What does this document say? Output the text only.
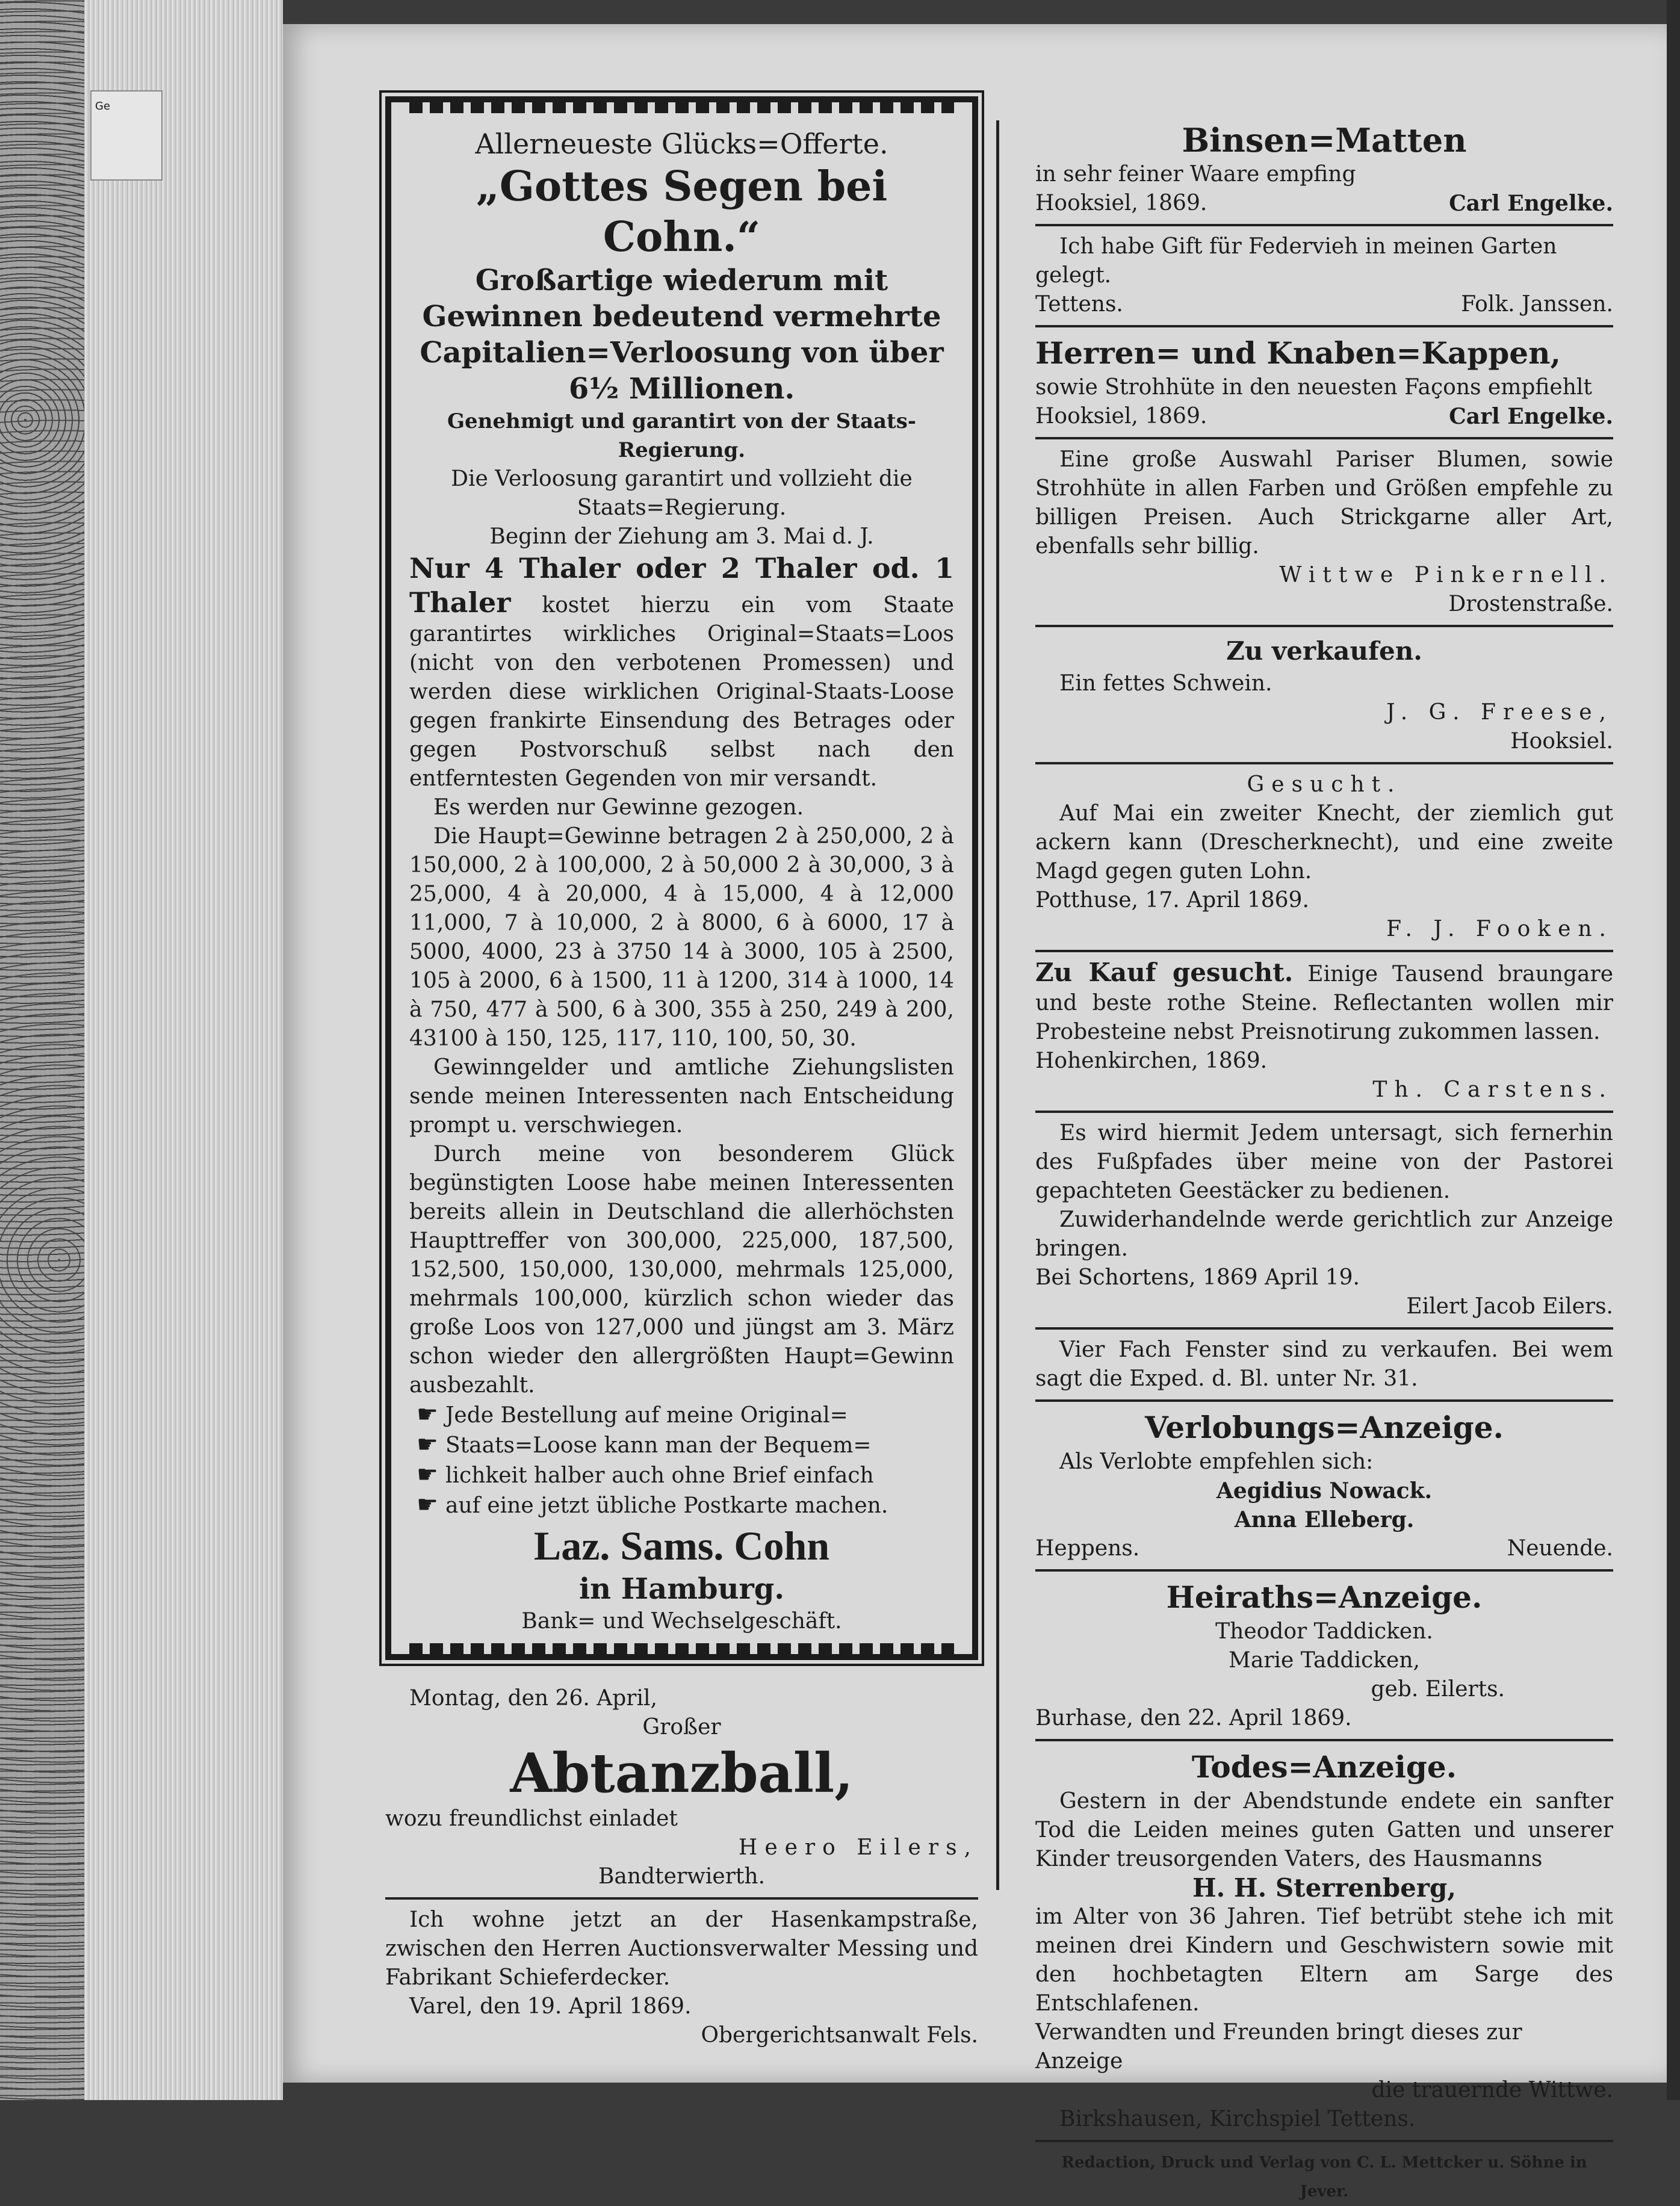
Ge

Allerneueste Glücks=Offerte.

„Gottes Segen bei Cohn.“

Großartige wiederum mit Gewinnen bedeutend vermehrte Capitalien=Verloosung von über

6½ Millionen.

Genehmigt und garantirt von der Staats-Regierung.

Die Verloosung garantirt und vollzieht die Staats=Regierung.

Beginn der Ziehung am 3. Mai d. J.

Nur 4 Thaler oder 2 Thaler od. 1 Thaler kostet hierzu ein vom Staate garantirtes wirkliches Original=Staats=Loos (nicht von den verbotenen Promessen) und werden diese wirklichen Original-Staats-Loose gegen frankirte Einsendung des Betrages oder gegen Postvorschuß selbst nach den entferntesten Gegenden von mir versandt.

Es werden nur Gewinne gezogen.

Die Haupt=Gewinne betragen 2 à 250,000, 2 à 150,000, 2 à 100,000, 2 à 50,000 2 à 30,000, 3 à 25,000, 4 à 20,000, 4 à 15,000, 4 à 12,000 11,000, 7 à 10,000, 2 à 8000, 6 à 6000, 17 à 5000, 4000, 23 à 3750 14 à 3000, 105 à 2500, 105 à 2000, 6 à 1500, 11 à 1200, 314 à 1000, 14 à 750, 477 à 500, 6 à 300, 355 à 250, 249 à 200, 43100 à 150, 125, 117, 110, 100, 50, 30.

Gewinngelder und amtliche Ziehungslisten sende meinen Interessenten nach Entscheidung prompt u. verschwiegen.

Durch meine von besonderem Glück begünstigten Loose habe meinen Interessenten bereits allein in Deutschland die allerhöchsten Haupttreffer von 300,000, 225,000, 187,500, 152,500, 150,000, 130,000, mehrmals 125,000, mehrmals 100,000, kürzlich schon wieder das große Loos von 127,000 und jüngst am 3. März schon wieder den allergrößten Haupt=Gewinn ausbezahlt.

☛ Jede Bestellung auf meine Original=
☛ Staats=Loose kann man der Bequem=
☛ lichkeit halber auch ohne Brief einfach
☛ auf eine jetzt übliche Postkarte machen.

Laz. Sams. Cohn

in Hamburg.

Bank= und Wechselgeschäft.

Montag, den 26. April,

Großer

Abtanzball,

wozu freundlichst einladet

Heero Eilers,

Bandterwierth.

Ich wohne jetzt an der Hasenkampstraße, zwischen den Herren Auctionsverwalter Messing und Fabrikant Schieferdecker.

Varel, den 19. April 1869.

Obergerichtsanwalt Fels.

Binsen=Matten

in sehr feiner Waare empfing

Hooksiel, 1869.	Carl Engelke.

Ich habe Gift für Federvieh in meinen Garten gelegt.

Tettens.	Folk. Janssen.

Herren= und Knaben=Kappen,

sowie Strohhüte in den neuesten Façons empfiehlt

Hooksiel, 1869.	Carl Engelke.

Eine große Auswahl Pariser Blumen, sowie Strohhüte in allen Farben und Größen empfehle zu billigen Preisen. Auch Strickgarne aller Art, ebenfalls sehr billig.

Wittwe Pinkernell.

Drostenstraße.

Zu verkaufen.

Ein fettes Schwein.

J. G. Freese,

Hooksiel.

Gesucht.

Auf Mai ein zweiter Knecht, der ziemlich gut ackern kann (Drescherknecht), und eine zweite Magd gegen guten Lohn.

Potthuse, 17. April 1869.

F. J. Fooken.

Zu Kauf gesucht. Einige Tausend braungare und beste rothe Steine. Reflectanten wollen mir Probesteine nebst Preisnotirung zukommen lassen.

Hohenkirchen, 1869.

Th. Carstens.

Es wird hiermit Jedem untersagt, sich fernerhin des Fußpfades über meine von der Pastorei gepachteten Geestäcker zu bedienen.

Zuwiderhandelnde werde gerichtlich zur Anzeige bringen.

Bei Schortens, 1869 April 19.

Eilert Jacob Eilers.

Vier Fach Fenster sind zu verkaufen. Bei wem sagt die Exped. d. Bl. unter Nr. 31.

Verlobungs=Anzeige.

Als Verlobte empfehlen sich:

Aegidius Nowack.

Anna Elleberg.

Heppens.	Neuende.

Heiraths=Anzeige.

Theodor Taddicken.

Marie Taddicken,

geb. Eilerts.

Burhase, den 22. April 1869.

Todes=Anzeige.

Gestern in der Abendstunde endete ein sanfter Tod die Leiden meines guten Gatten und unserer Kinder treusorgenden Vaters, des Hausmanns

H. H. Sterrenberg,

im Alter von 36 Jahren. Tief betrübt stehe ich mit meinen drei Kindern und Geschwistern sowie mit den hochbetagten Eltern am Sarge des Entschlafenen.

Verwandten und Freunden bringt dieses zur Anzeige

die trauernde Wittwe.

Birkshausen, Kirchspiel Tettens.

Redaction, Druck und Verlag von C. L. Mettcker u. Söhne in Jever.
